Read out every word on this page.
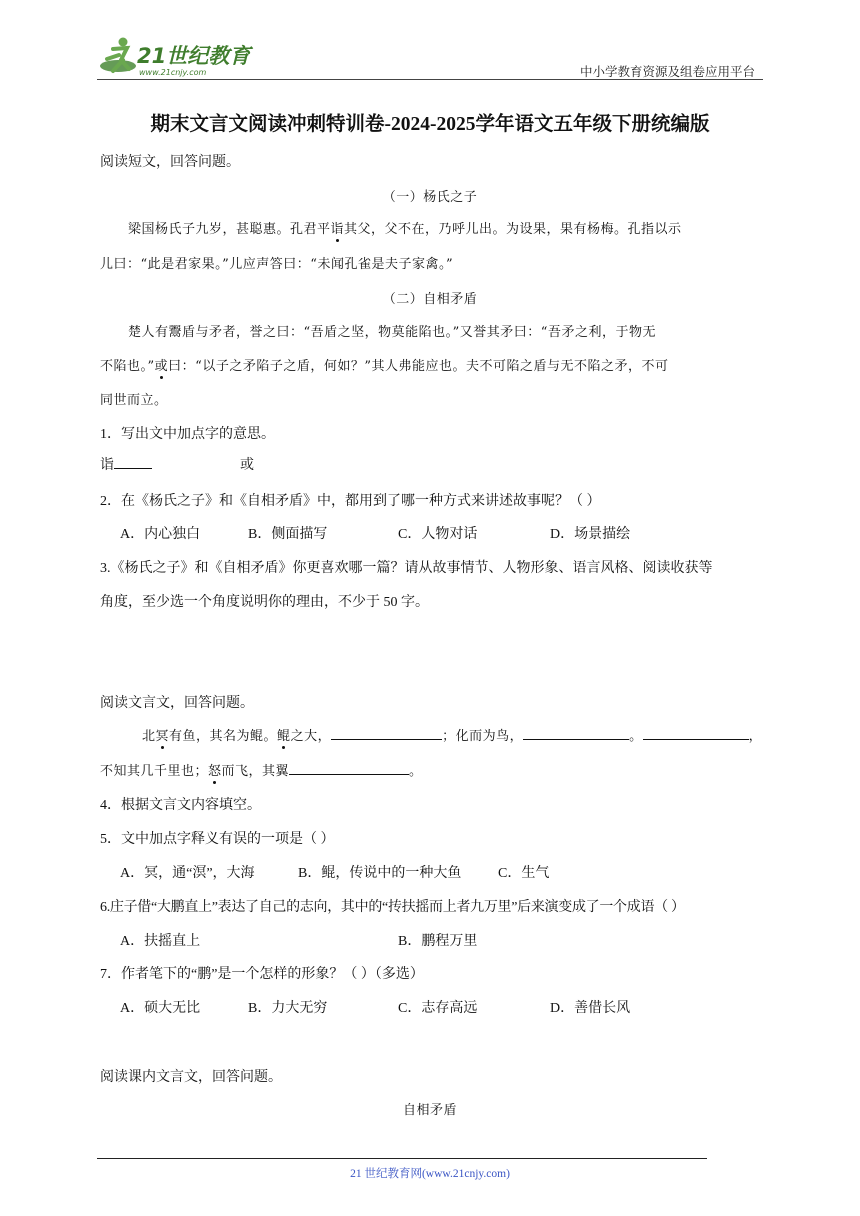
21世纪教育
www.21cnjy.com	中小学教育资源及组卷应用平台
期末文言文阅读冲刺特训卷-2024-2025学年语文五年级下册统编版
阅读短文，回答问题。
（一）杨氏之子
梁国杨氏子九岁，甚聪惠。孔君平诣其父，父不在，乃呼儿出。为设果，果有杨梅。孔指以示
儿曰：“此是君家果。”儿应声答曰：“未闻孔雀是夫子家禽。”
（二）自相矛盾
楚人有鬻盾与矛者，誉之曰：“吾盾之坚，物莫能陷也。”又誉其矛曰：“吾矛之利，于物无
不陷也。”或曰：“以子之矛陷子之盾，何如？”其人弗能应也。夫不可陷之盾与无不陷之矛，不可
同世而立。
1．写出文中加点字的意思。
诣	或
2．在《杨氏之子》和《自相矛盾》中，都用到了哪一种方式来讲述故事呢？（ ）
A．内心独白	B．侧面描写	C．人物对话	D．场景描绘
3.《杨氏之子》和《自相矛盾》你更喜欢哪一篇？请从故事情节、人物形象、语言风格、阅读收获等
角度，至少选一个角度说明你的理由，不少于 50 字。
阅读文言文，回答问题。
北冥有鱼，其名为鲲。鲲之大，	；化而为鸟，	。	，
不知其几千里也；怒而飞，其翼	。
4．根据文言文内容填空。
5．文中加点字释义有误的一项是（ ）
A．冥，通“溟”，大海	B．鲲，传说中的一种大鱼	C．生气
6.庄子借“大鹏直上”表达了自己的志向，其中的“抟扶摇而上者九万里”后来演变成了一个成语（ ）
A．扶摇直上	B．鹏程万里
7．作者笔下的“鹏”是一个怎样的形象？（ ）（多选）
A．硕大无比	B．力大无穷	C．志存高远	D．善借长风
阅读课内文言文，回答问题。
自相矛盾
21 世纪教育网(www.21cnjy.com)
